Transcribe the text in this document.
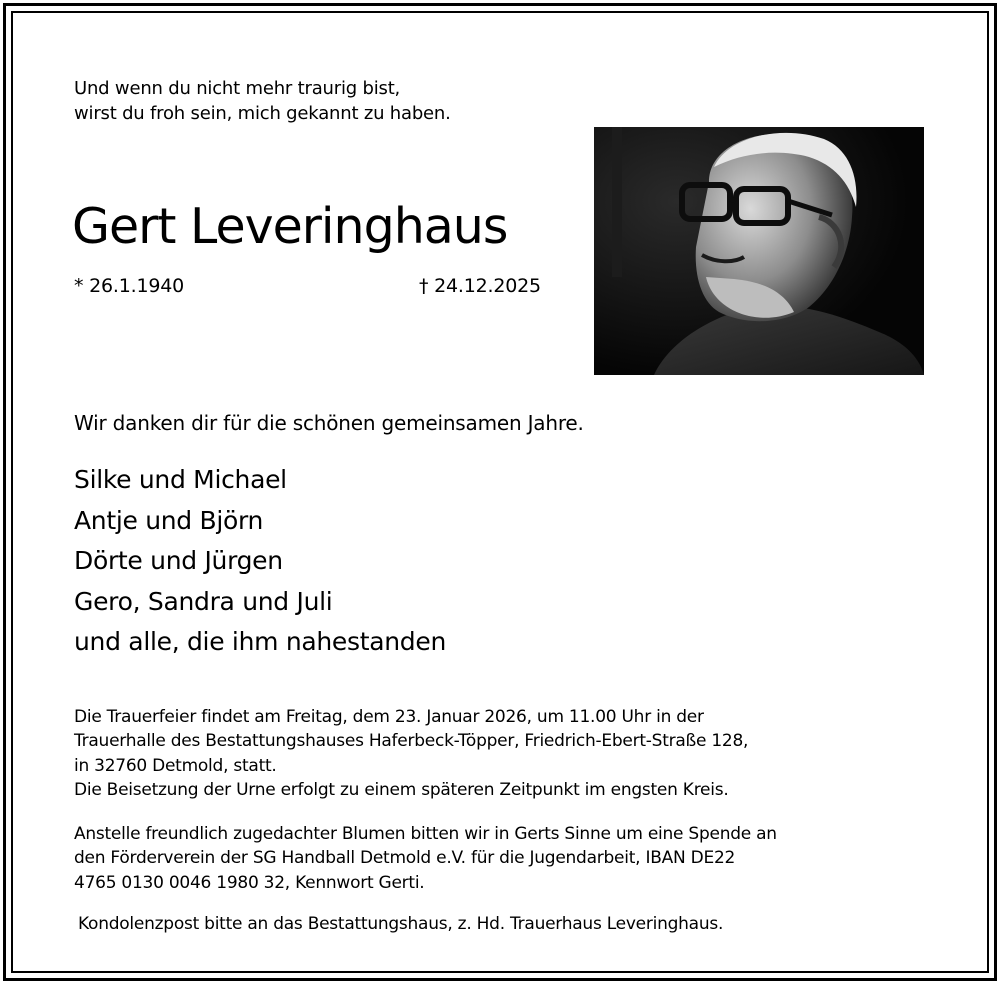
Und wenn du nicht mehr traurig bist,
wirst du froh sein, mich gekannt zu haben.

Gert Leveringhaus

* 26.1.1940	† 24.12.2025

Wir danken dir für die schönen gemeinsamen Jahre.

Silke und Michael
Antje und Björn
Dörte und Jürgen
Gero, Sandra und Juli
und alle, die ihm nahestanden
Die Trauerfeier findet am Freitag, dem 23. Januar 2026, um 11.00 Uhr in der
Trauerhalle des Bestattungshauses Haferbeck-Töpper, Friedrich-Ebert-Straße 128,
in 32760 Detmold, statt.
Die Beisetzung der Urne erfolgt zu einem späteren Zeitpunkt im engsten Kreis.
Anstelle freundlich zugedachter Blumen bitten wir in Gerts Sinne um eine Spende an
den Förderverein der SG Handball Detmold e.V. für die Jugendarbeit, IBAN DE22
4765 0130 0046 1980 32, Kennwort Gerti.

Kondolenzpost bitte an das Bestattungshaus, z. Hd. Trauerhaus Leveringhaus.
